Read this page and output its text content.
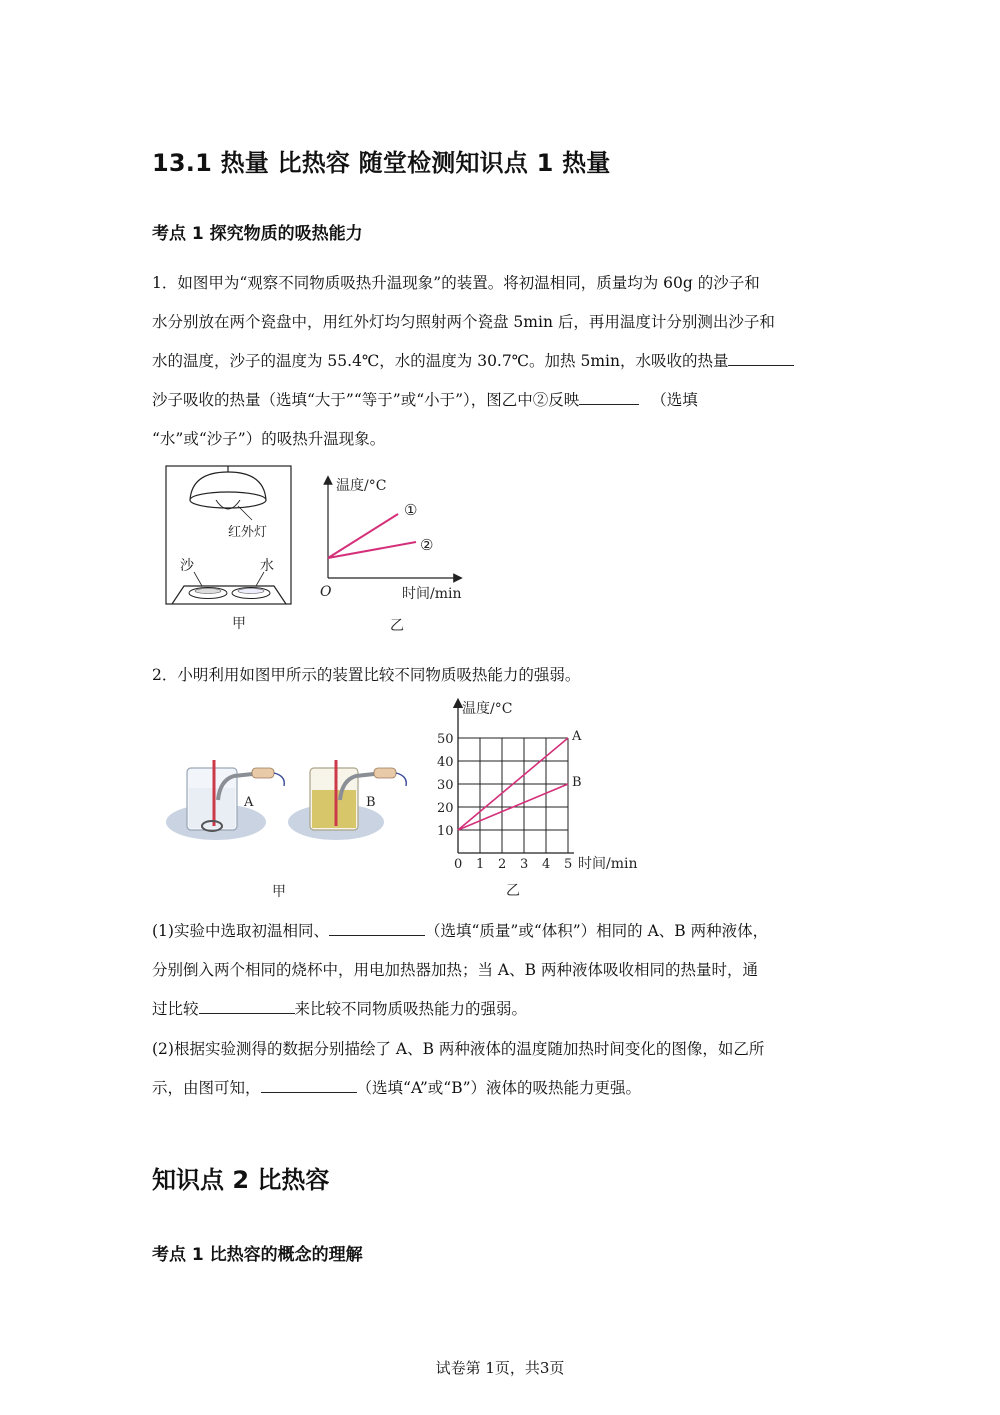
13.1 热量 比热容 随堂检测知识点 1 热量
考点 1 探究物质的吸热能力
1．如图甲为“观察不同物质吸热升温现象”的装置。将初温相同，质量均为 60g 的沙子和
水分别放在两个瓷盘中，用红外灯均匀照射两个瓷盘 5min 后，再用温度计分别测出沙子和
水的温度，沙子的温度为 55.4℃，水的温度为 30.7℃。加热 5min，水吸收的热量
沙子吸收的热量（选填“大于”“等于”或“小于”），图乙中②反映	（选填
“水”或“沙子”）的吸热升温现象。
红外灯
沙	水
甲
温度/°C
时间/min
O
①
②
乙
2．小明利用如图甲所示的装置比较不同物质吸热能力的强弱。
A	B
甲
0 1 2 3 4 5
10
20
30
40
50
温度/°C
时间/min
A
B
乙
(1)实验中选取初温相同、	（选填“质量”或“体积”）相同的 A、B 两种液体，
分别倒入两个相同的烧杯中，用电加热器加热；当 A、B 两种液体吸收相同的热量时，通
过比较	来比较不同物质吸热能力的强弱。
(2)根据实验测得的数据分别描绘了 A、B 两种液体的温度随加热时间变化的图像，如乙所
示，由图可知，	（选填“A”或“B”）液体的吸热能力更强。
知识点 2 比热容
考点 1 比热容的概念的理解
试卷第 1页，共3页
